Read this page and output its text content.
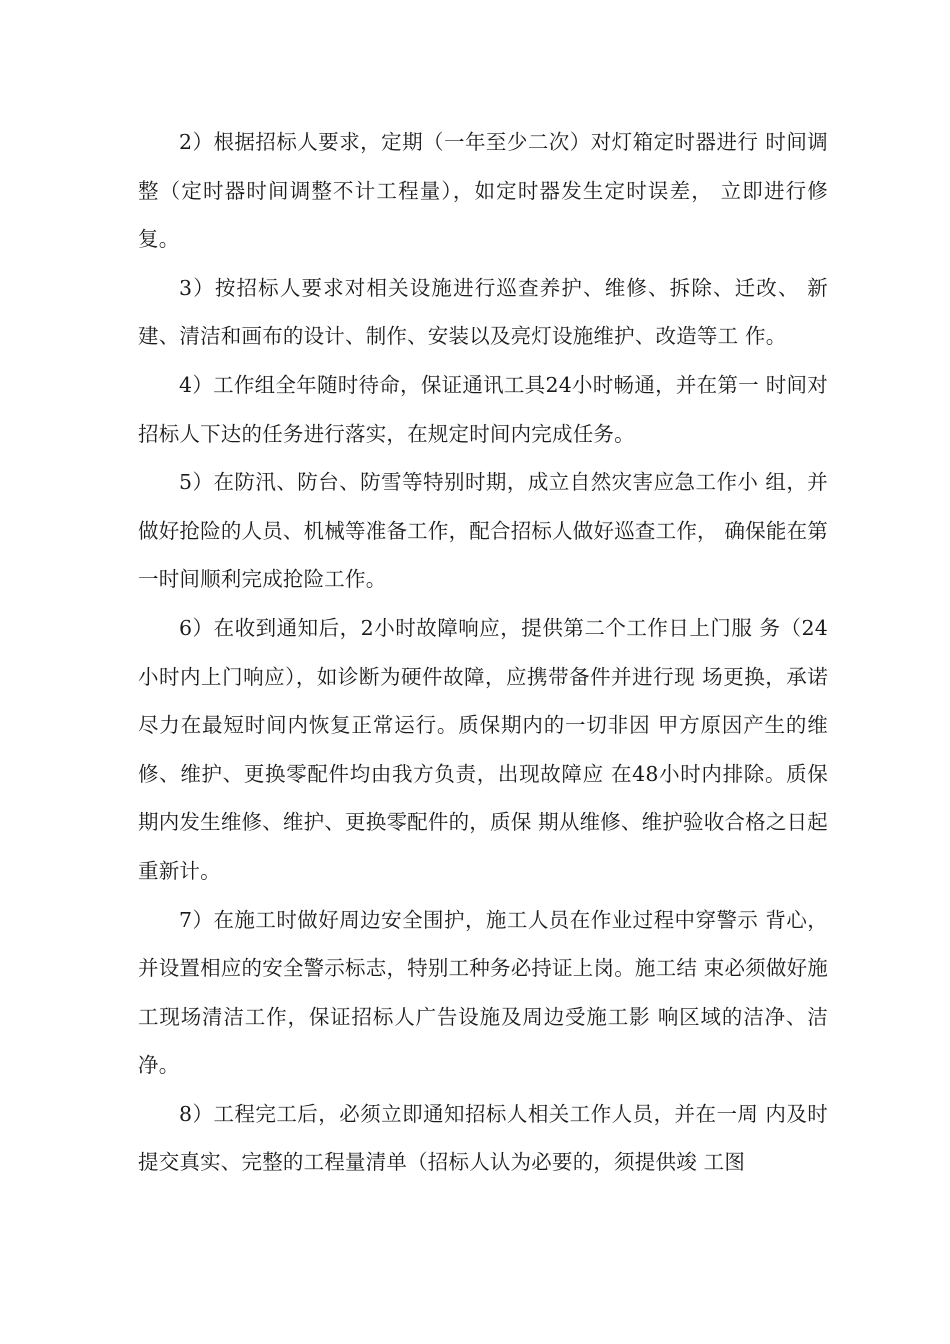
2）根据招标人要求，定期（一年至少二次）对灯箱定时器进行 时间调整（定时器时间调整不计工程量），如定时器发生定时误差， 立即进行修复。

3）按招标人要求对相关设施进行巡查养护、维修、拆除、迁改、 新建、清洁和画布的设计、制作、安装以及亮灯设施维护、改造等工 作。

4）工作组全年随时待命，保证通讯工具24小时畅通，并在第一 时间对招标人下达的任务进行落实，在规定时间内完成任务。

5）在防汛、防台、防雪等特别时期，成立自然灾害应急工作小 组，并做好抢险的人员、机械等准备工作，配合招标人做好巡查工作， 确保能在第一时间顺利完成抢险工作。

6）在收到通知后，2小时故障响应，提供第二个工作日上门服 务（24小时内上门响应），如诊断为硬件故障，应携带备件并进行现 场更换，承诺尽力在最短时间内恢复正常运行。质保期内的一切非因 甲方原因产生的维修、维护、更换零配件均由我方负责，出现故障应 在48小时内排除。质保期内发生维修、维护、更换零配件的，质保 期从维修、维护验收合格之日起重新计。

7）在施工时做好周边安全围护，施工人员在作业过程中穿警示 背心，并设置相应的安全警示标志，特别工种务必持证上岗。施工结 束必须做好施工现场清洁工作，保证招标人广告设施及周边受施工影 响区域的洁净、洁净。

8）工程完工后，必须立即通知招标人相关工作人员，并在一周 内及时提交真实、完整的工程量清单（招标人认为必要的，须提供竣 工图
